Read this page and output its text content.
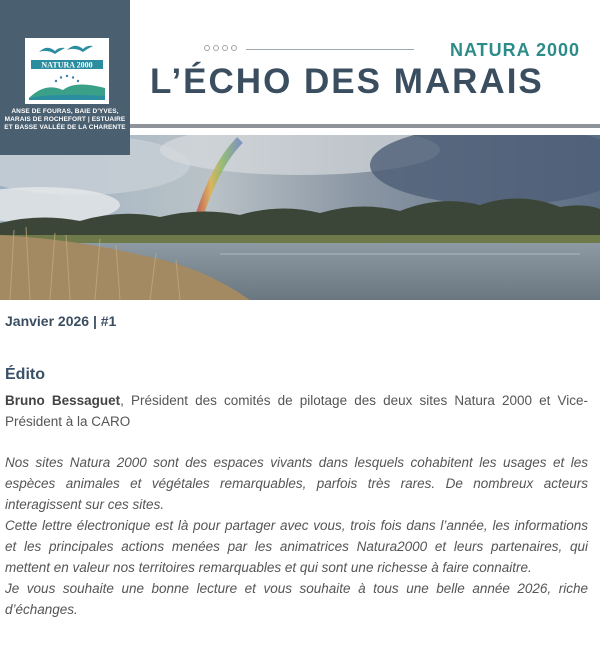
NATURA 2000
ANSE DE FOURAS, BAIE D'YVES, MARAIS DE ROCHEFORT | ESTUAIRE ET BASSE VALLÉE DE LA CHARENTE
NATURA 2000
L’ÉCHO DES MARAIS
Janvier 2026 | #1
Édito
Bruno Bessaguet, Président des comités de pilotage des deux sites Natura 2000 et Vice-Président à la CARO

Nos sites Natura 2000 sont des espaces vivants dans lesquels cohabitent les usages et les espèces animales et végétales remarquables, parfois très rares. De nombreux acteurs interagissent sur ces sites.

Cette lettre électronique est là pour partager avec vous, trois fois dans l’année, les informations et les principales actions menées par les animatrices Natura2000 et leurs partenaires, qui mettent en valeur nos territoires remarquables et qui sont une richesse à faire connaitre.

Je vous souhaite une bonne lecture et vous souhaite à tous une belle année 2026, riche d’échanges.
